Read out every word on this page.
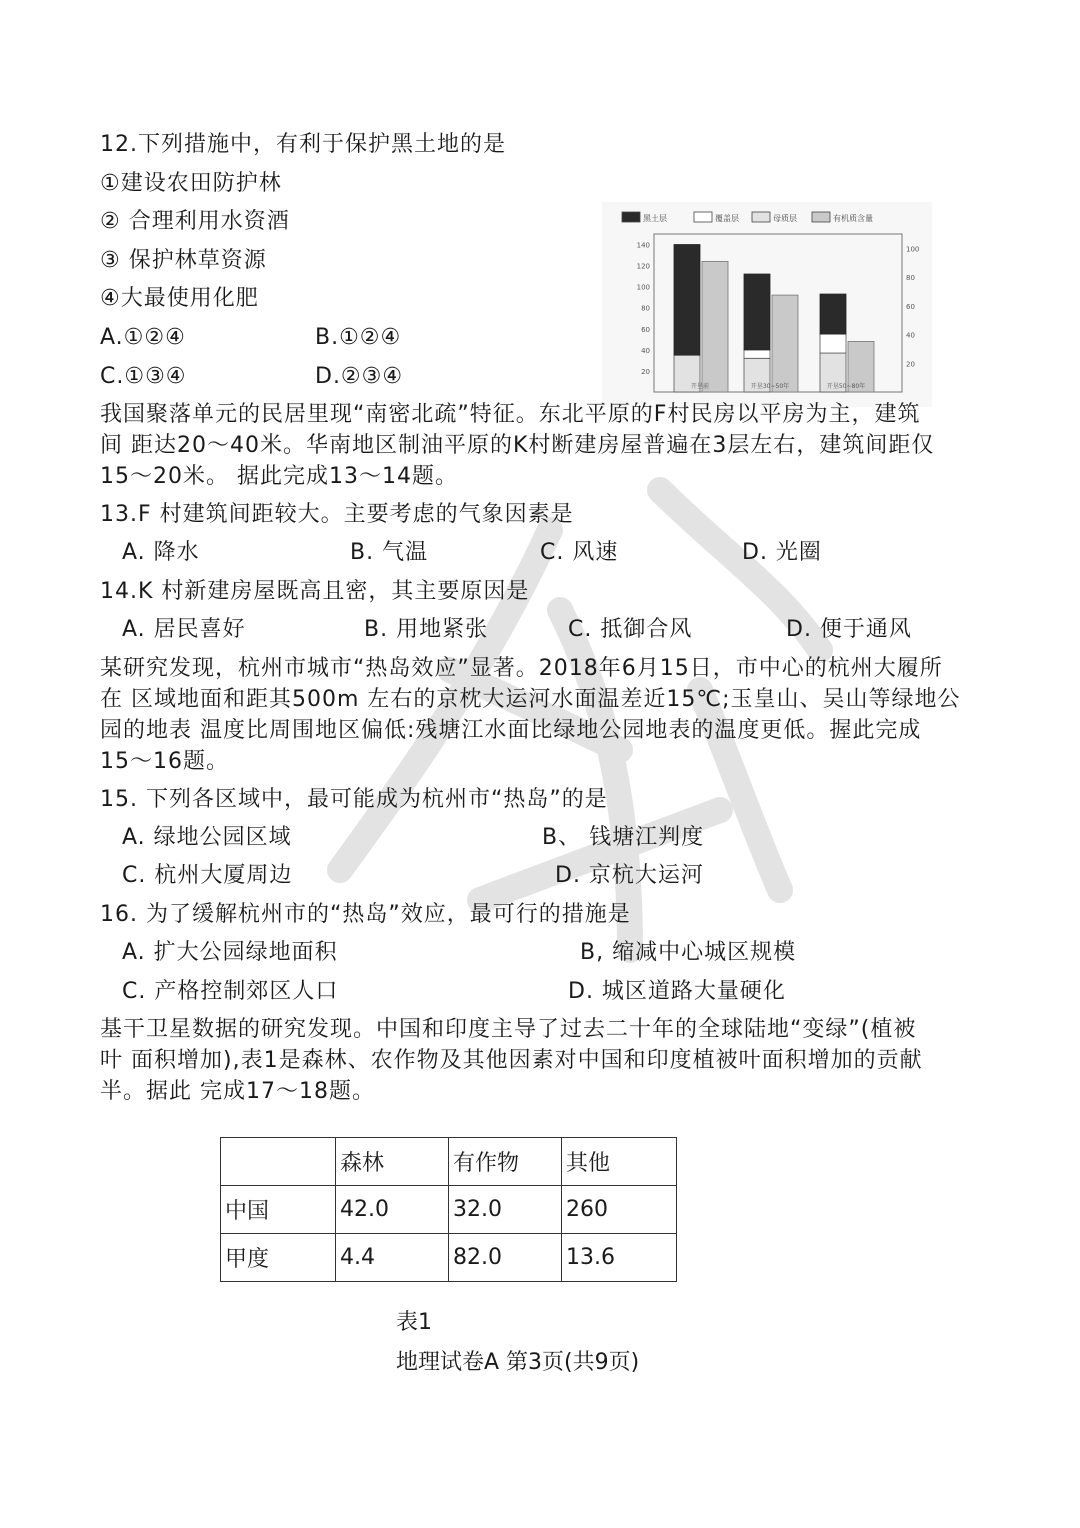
12.下列措施中，有利于保护黑土地的是
①建设农田防护林
② 合理利用水资酒
③ 保护林草资源
④大最使用化肥
A.①②④	B.①②④
C.①③④	D.②③④
黑土层	覆盖层	母质层	有机质含量
20
40
60
80
100
120
140
20
40
60
80
100
开垦前	开垦30~50年	开垦50~80年
我国聚落单元的民居里现“南密北疏”特征。东北平原的F村民房以平房为主，建筑
间 距达20〜40米。华南地区制油平原的K村断建房屋普遍在3层左右，建筑间距仅
15〜20米。 据此完成13〜14题。
13.F 村建筑间距较大。主要考虑的气象因素是
A. 降水	B. 气温	C. 风速	D. 光圈
14.K 村新建房屋既高且密，其主要原因是
A. 居民喜好	B. 用地紧张	C. 抵御合风	D. 便于通风
某研究发现，杭州市城市“热岛效应”显著。2018年6月15日，市中心的杭州大履所
在 区域地面和距其500m 左右的京枕大运河水面温差近15℃;玉皇山、吴山等绿地公
园的地表 温度比周围地区偏低:残塘江水面比绿地公园地表的温度更低。握此完成
15〜16题。
15. 下列各区域中，最可能成为杭州市“热岛”的是
A. 绿地公园区域	B、 钱塘江判度
C. 杭州大厦周边	D. 京杭大运河
16. 为了缓解杭州市的“热岛”效应，最可行的措施是
A. 扩大公园绿地面积	B, 缩减中心城区规模
C. 产格控制郊区人口	D. 城区道路大量硬化
基干卫星数据的研究发现。中国和印度主导了过去二十年的全球陆地“变绿”(植被
叶 面积增加),表1是森林、农作物及其他因素对中国和印度植被叶面积增加的贡献
半。据此 完成17〜18题。
	森林	有作物	其他
中国	42.0	32.0	260
甲度	4.4	82.0	13.6
表1
地理试卷A 第3页(共9页)
